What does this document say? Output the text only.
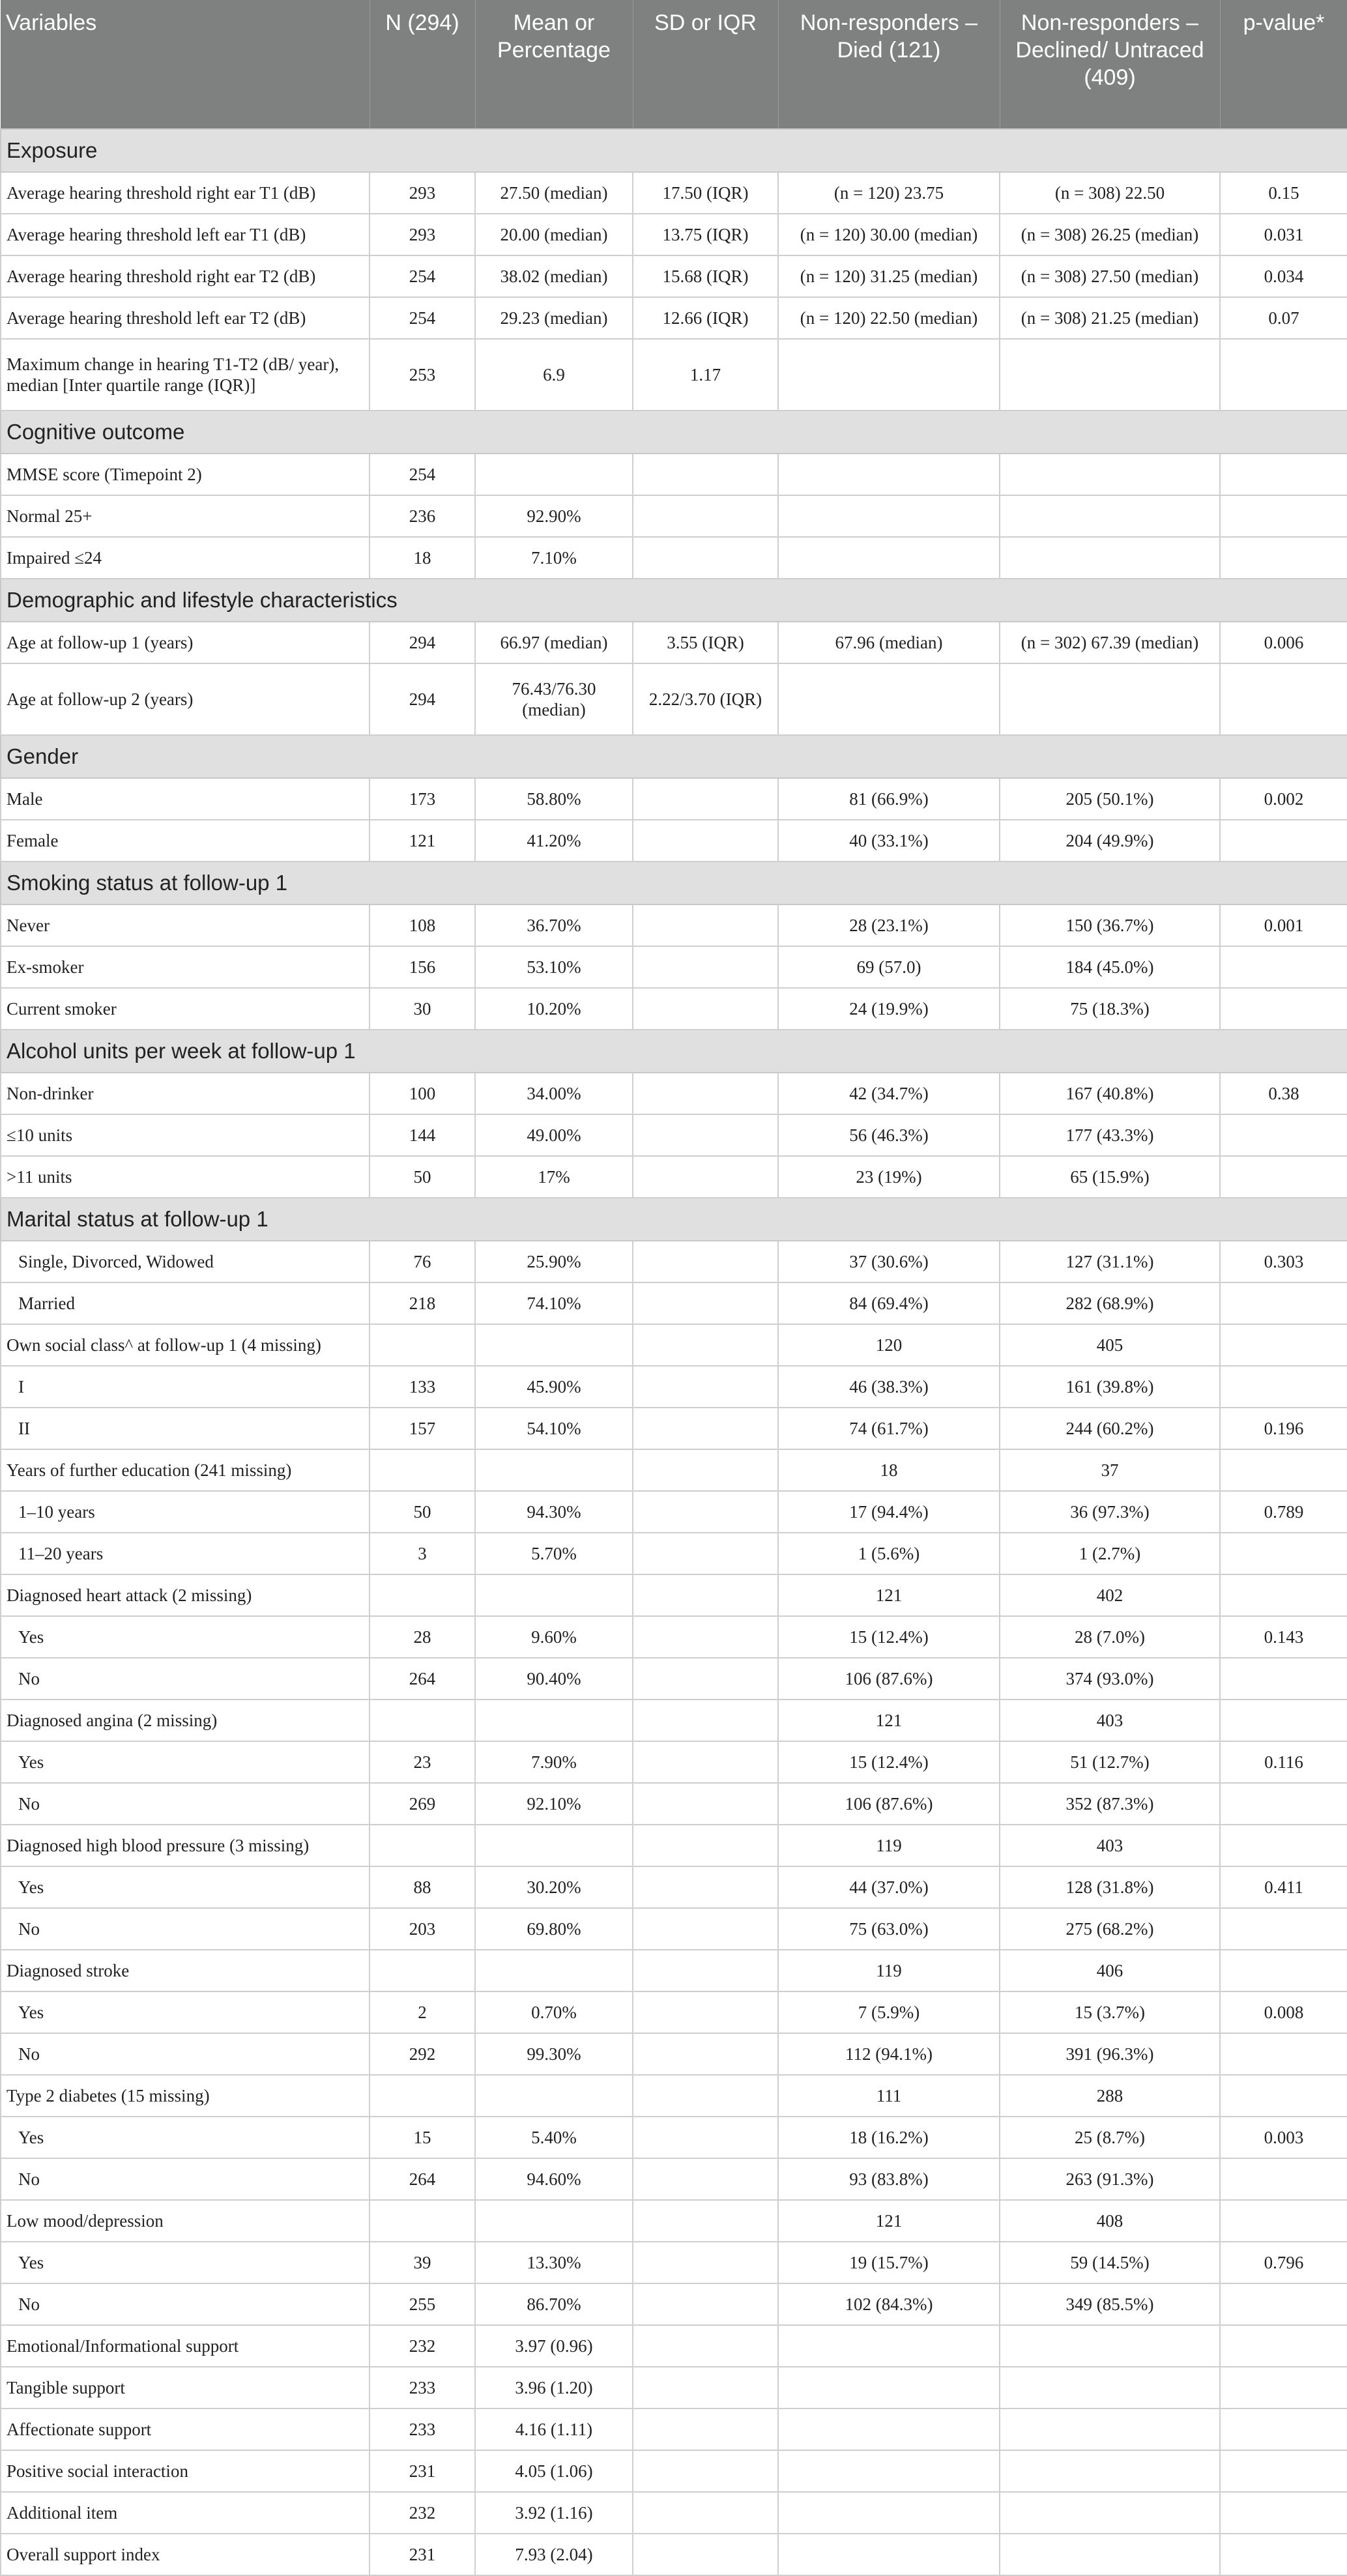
Variables	N (294)	Mean or Percentage	SD or IQR	Non-responders – Died (121)	Non-responders – Declined/ Untraced (409)	p-value*
Exposure						
Average hearing threshold right ear T1 (dB)	293	27.50 (median)	17.50 (IQR)	(n = 120) 23.75	(n = 308) 22.50	0.15
Average hearing threshold left ear T1 (dB)	293	20.00 (median)	13.75 (IQR)	(n = 120) 30.00 (median)	(n = 308) 26.25 (median)	0.031
Average hearing threshold right ear T2 (dB)	254	38.02 (median)	15.68 (IQR)	(n = 120) 31.25 (median)	(n = 308) 27.50 (median)	0.034
Average hearing threshold left ear T2 (dB)	254	29.23 (median)	12.66 (IQR)	(n = 120) 22.50 (median)	(n = 308) 21.25 (median)	0.07
Maximum change in hearing T1-T2 (dB/ year), median [Inter quartile range (IQR)]	253	6.9	1.17			
Cognitive outcome						
MMSE score (Timepoint 2)	254					
Normal 25+	236	92.90%				
Impaired ≤24	18	7.10%				
Demographic and lifestyle characteristics						
Age at follow-up 1 (years)	294	66.97 (median)	3.55 (IQR)	67.96 (median)	(n = 302) 67.39 (median)	0.006
Age at follow-up 2 (years)	294	76.43/76.30 (median)	2.22/3.70 (IQR)			
Gender						
Male	173	58.80%		81 (66.9%)	205 (50.1%)	0.002
Female	121	41.20%		40 (33.1%)	204 (49.9%)	
Smoking status at follow-up 1						
Never	108	36.70%		28 (23.1%)	150 (36.7%)	0.001
Ex-smoker	156	53.10%		69 (57.0)	184 (45.0%)	
Current smoker	30	10.20%		24 (19.9%)	75 (18.3%)	
Alcohol units per week at follow-up 1						
Non-drinker	100	34.00%		42 (34.7%)	167 (40.8%)	0.38
≤10 units	144	49.00%		56 (46.3%)	177 (43.3%)	
>11 units	50	17%		23 (19%)	65 (15.9%)	
Marital status at follow-up 1						
Single, Divorced, Widowed	76	25.90%		37 (30.6%)	127 (31.1%)	0.303
Married	218	74.10%		84 (69.4%)	282 (68.9%)	
Own social class^ at follow-up 1 (4 missing)				120	405	
I	133	45.90%		46 (38.3%)	161 (39.8%)	
II	157	54.10%		74 (61.7%)	244 (60.2%)	0.196
Years of further education (241 missing)				18	37	
1–10 years	50	94.30%		17 (94.4%)	36 (97.3%)	0.789
11–20 years	3	5.70%		1 (5.6%)	1 (2.7%)	
Diagnosed heart attack (2 missing)				121	402	
Yes	28	9.60%		15 (12.4%)	28 (7.0%)	0.143
No	264	90.40%		106 (87.6%)	374 (93.0%)	
Diagnosed angina (2 missing)				121	403	
Yes	23	7.90%		15 (12.4%)	51 (12.7%)	0.116
No	269	92.10%		106 (87.6%)	352 (87.3%)	
Diagnosed high blood pressure (3 missing)				119	403	
Yes	88	30.20%		44 (37.0%)	128 (31.8%)	0.411
No	203	69.80%		75 (63.0%)	275 (68.2%)	
Diagnosed stroke				119	406	
Yes	2	0.70%		7 (5.9%)	15 (3.7%)	0.008
No	292	99.30%		112 (94.1%)	391 (96.3%)	
Type 2 diabetes (15 missing)				111	288	
Yes	15	5.40%		18 (16.2%)	25 (8.7%)	0.003
No	264	94.60%		93 (83.8%)	263 (91.3%)	
Low mood/depression				121	408	
Yes	39	13.30%		19 (15.7%)	59 (14.5%)	0.796
No	255	86.70%		102 (84.3%)	349 (85.5%)	
Emotional/Informational support	232	3.97 (0.96)				
Tangible support	233	3.96 (1.20)				
Affectionate support	233	4.16 (1.11)				
Positive social interaction	231	4.05 (1.06)				
Additional item	232	3.92 (1.16)				
Overall support index	231	7.93 (2.04)				
